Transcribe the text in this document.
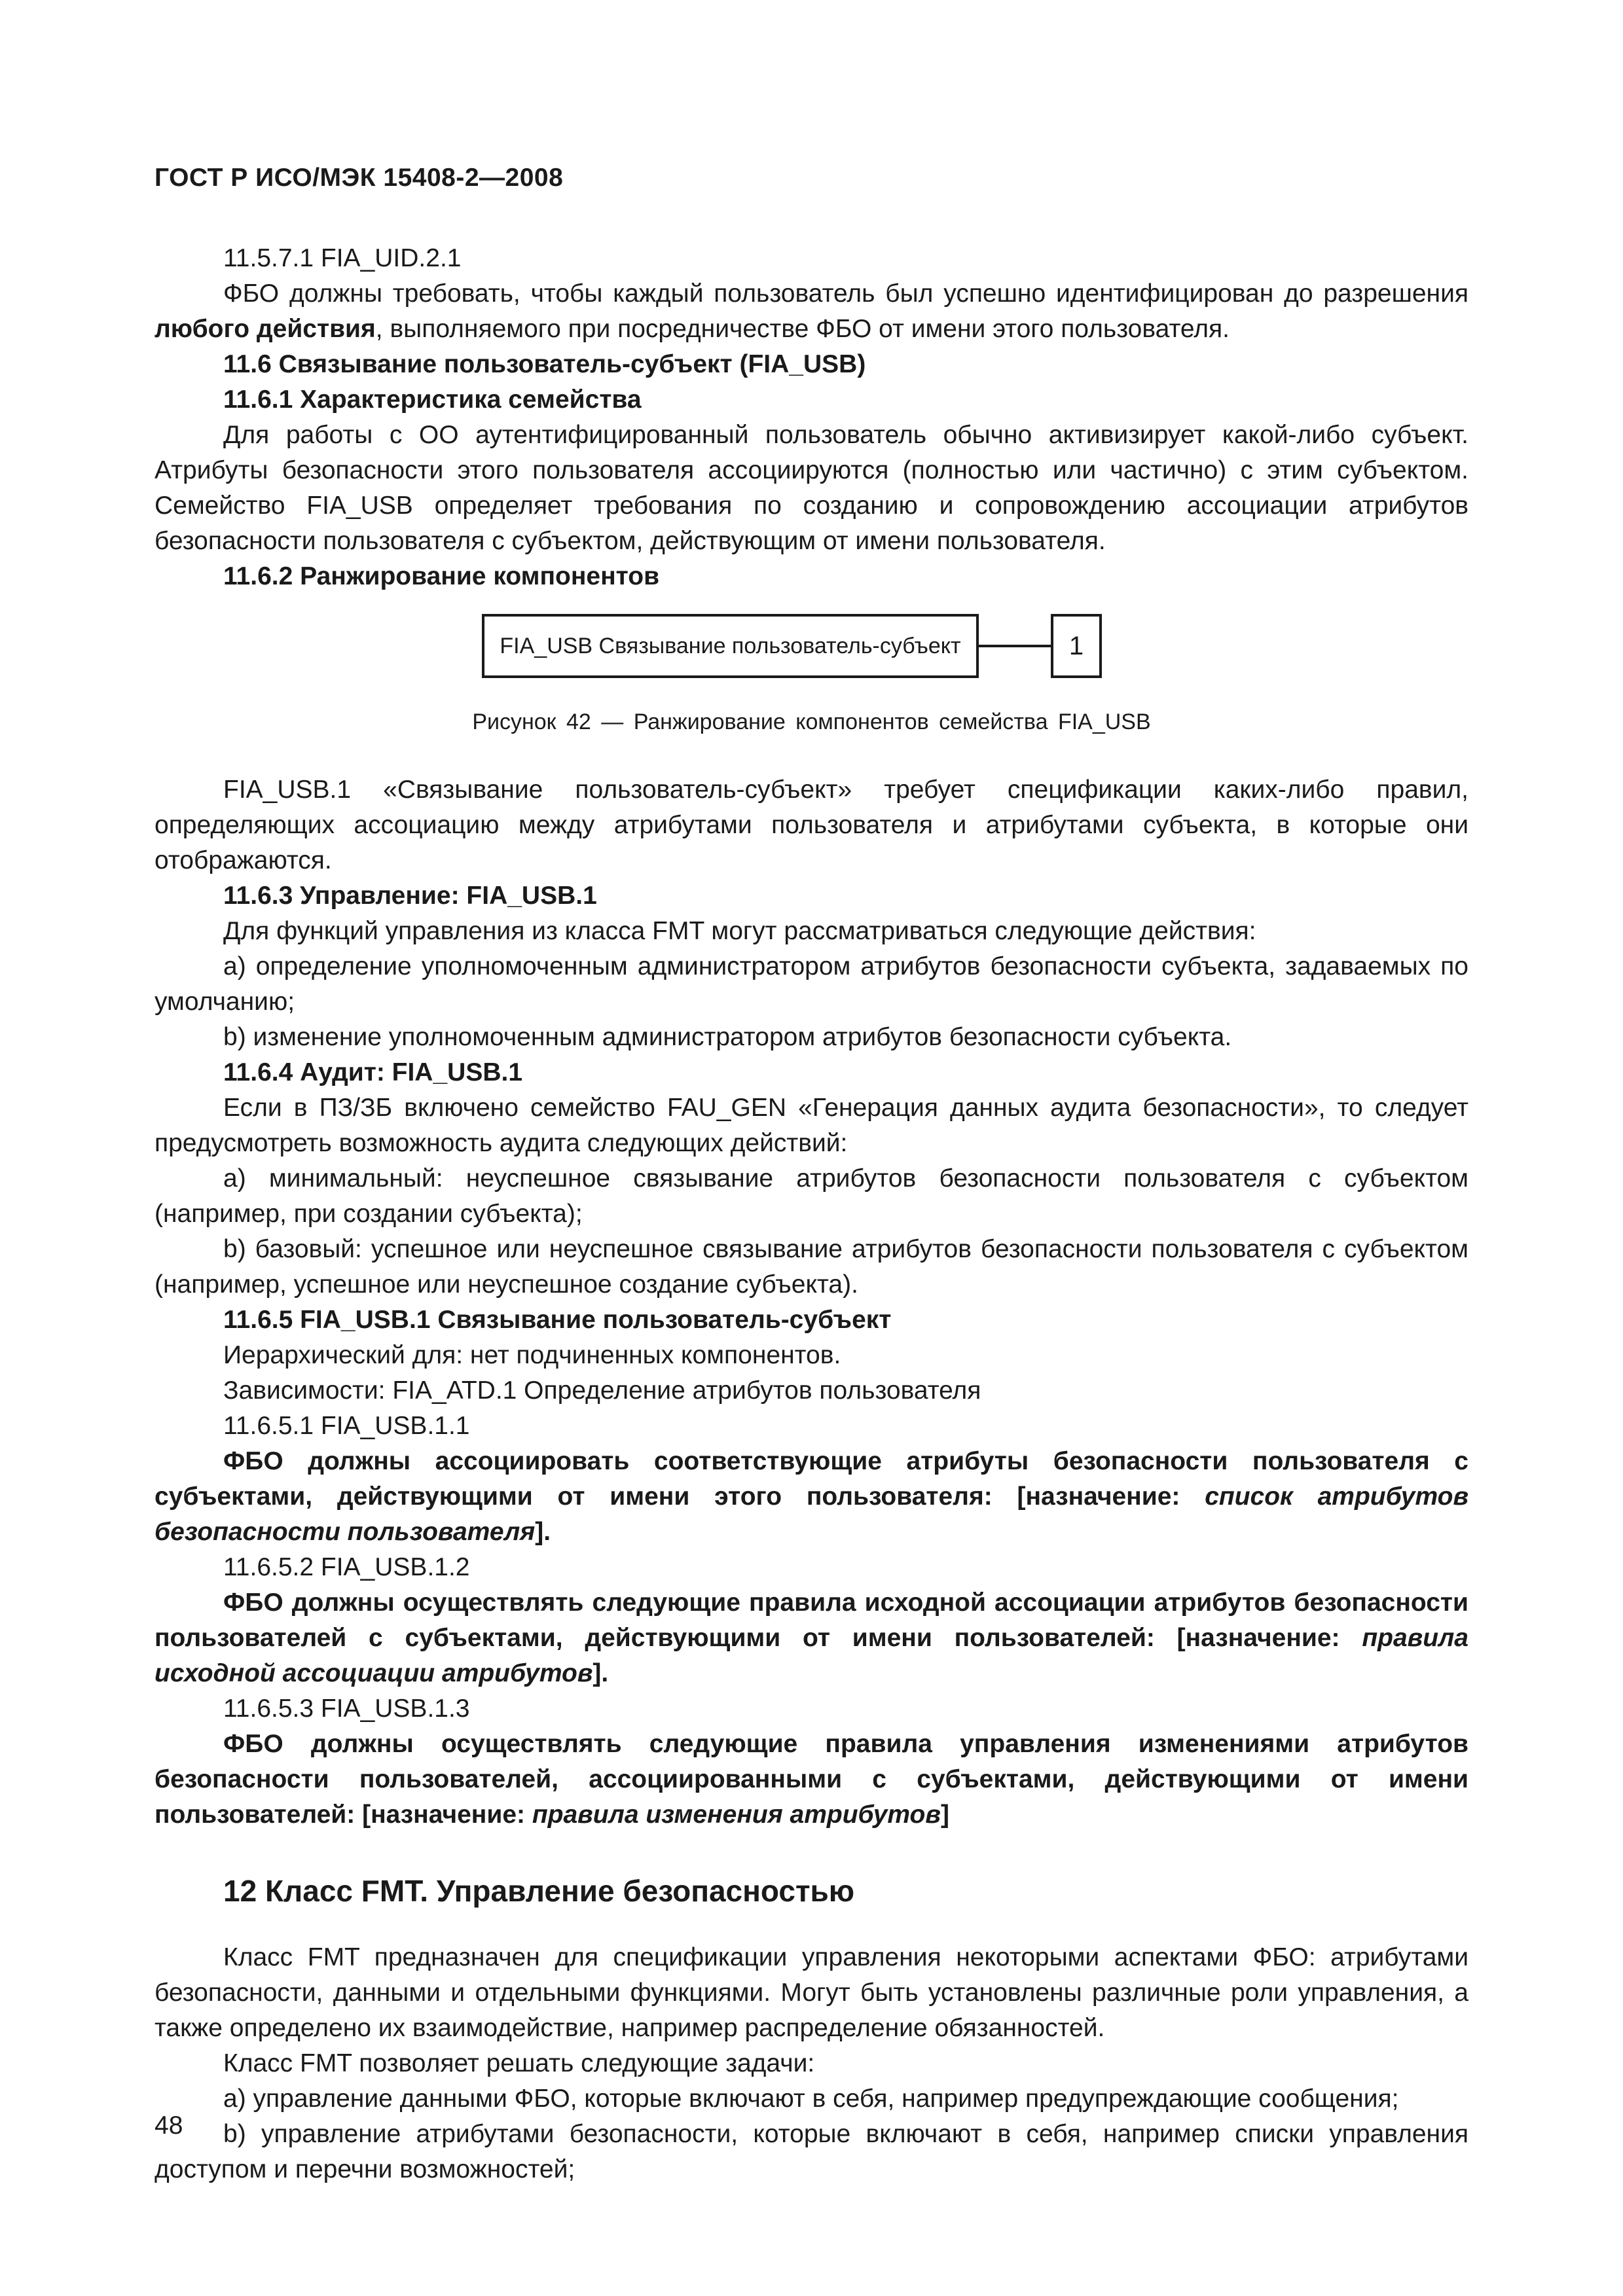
ГОСТ Р ИСО/МЭК 15408-2—2008

11.5.7.1 FIA_UID.2.1

ФБО должны требовать, чтобы каждый пользователь был успешно идентифицирован до разрешения любого действия, выполняемого при посредничестве ФБО от имени этого пользователя.

11.6 Связывание пользователь-субъект (FIA_USB)

11.6.1 Характеристика семейства

Для работы с ОО аутентифицированный пользователь обычно активизирует какой-либо субъект. Атрибуты безопасности этого пользователя ассоциируются (полностью или частично) с этим субъектом. Семейство FIA_USB определяет требования по созданию и сопровождению ассоциации атрибутов безопасности пользователя с субъектом, действующим от имени пользователя.

11.6.2 Ранжирование компонентов

FIA_USB Связывание пользователь-субъект	1
Рисунок 42 — Ранжирование компонентов семейства FIA_USB

FIA_USB.1 «Связывание пользователь-субъект» требует спецификации каких-либо правил, определяющих ассоциацию между атрибутами пользователя и атрибутами субъекта, в которые они отображаются.

11.6.3 Управление: FIA_USB.1

Для функций управления из класса FMT могут рассматриваться следующие действия:

a) определение уполномоченным администратором атрибутов безопасности субъекта, задаваемых по умолчанию;

b) изменение уполномоченным администратором атрибутов безопасности субъекта.

11.6.4 Аудит: FIA_USB.1

Если в ПЗ/ЗБ включено семейство FAU_GEN «Генерация данных аудита безопасности», то следует предусмотреть возможность аудита следующих действий:

a) минимальный: неуспешное связывание атрибутов безопасности пользователя с субъектом (например, при создании субъекта);

b) базовый: успешное или неуспешное связывание атрибутов безопасности пользователя с субъектом (например, успешное или неуспешное создание субъекта).

11.6.5 FIA_USB.1 Связывание пользователь-субъект

Иерархический для: нет подчиненных компонентов.

Зависимости: FIA_ATD.1 Определение атрибутов пользователя

11.6.5.1 FIA_USB.1.1

ФБО должны ассоциировать соответствующие атрибуты безопасности пользователя с субъектами, действующими от имени этого пользователя: [назначение: список атрибутов безопасности пользователя].

11.6.5.2 FIA_USB.1.2

ФБО должны осуществлять следующие правила исходной ассоциации атрибутов безопасности пользователей с субъектами, действующими от имени пользователей: [назначение: правила исходной ассоциации атрибутов].

11.6.5.3 FIA_USB.1.3

ФБО должны осуществлять следующие правила управления изменениями атрибутов безопасности пользователей, ассоциированными с субъектами, действующими от имени пользователей: [назначение: правила изменения атрибутов]

12 Класс FMT. Управление безопасностью

Класс FMT предназначен для спецификации управления некоторыми аспектами ФБО: атрибутами безопасности, данными и отдельными функциями. Могут быть установлены различные роли управления, а также определено их взаимодействие, например распределение обязанностей.

Класс FMT позволяет решать следующие задачи:

a) управление данными ФБО, которые включают в себя, например предупреждающие сообщения;

b) управление атрибутами безопасности, которые включают в себя, например списки управления доступом и перечни возможностей;

48
